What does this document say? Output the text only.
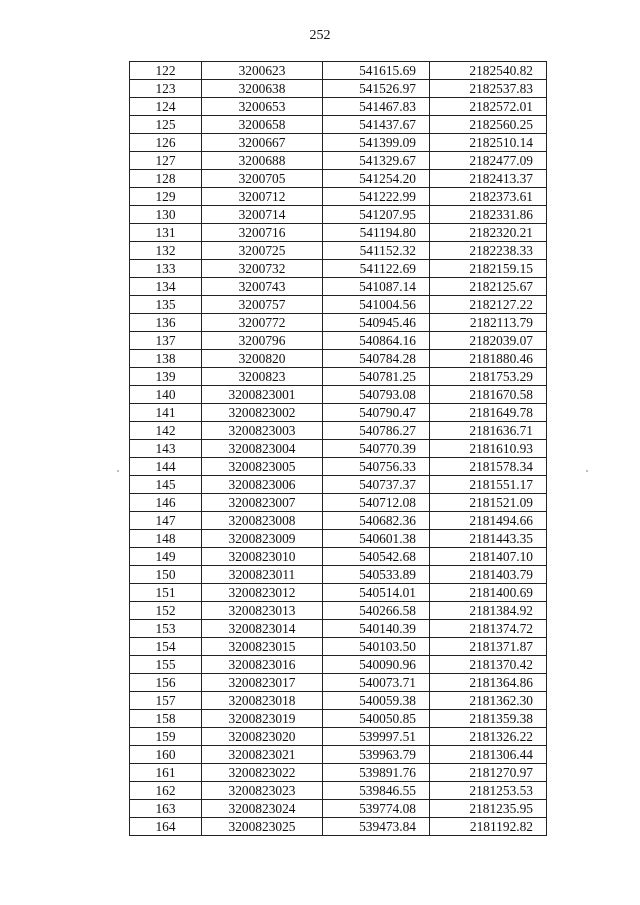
252
122	3200623	541615.69	2182540.82
123	3200638	541526.97	2182537.83
124	3200653	541467.83	2182572.01
125	3200658	541437.67	2182560.25
126	3200667	541399.09	2182510.14
127	3200688	541329.67	2182477.09
128	3200705	541254.20	2182413.37
129	3200712	541222.99	2182373.61
130	3200714	541207.95	2182331.86
131	3200716	541194.80	2182320.21
132	3200725	541152.32	2182238.33
133	3200732	541122.69	2182159.15
134	3200743	541087.14	2182125.67
135	3200757	541004.56	2182127.22
136	3200772	540945.46	2182113.79
137	3200796	540864.16	2182039.07
138	3200820	540784.28	2181880.46
139	3200823	540781.25	2181753.29
140	3200823001	540793.08	2181670.58
141	3200823002	540790.47	2181649.78
142	3200823003	540786.27	2181636.71
143	3200823004	540770.39	2181610.93
144	3200823005	540756.33	2181578.34
145	3200823006	540737.37	2181551.17
146	3200823007	540712.08	2181521.09
147	3200823008	540682.36	2181494.66
148	3200823009	540601.38	2181443.35
149	3200823010	540542.68	2181407.10
150	3200823011	540533.89	2181403.79
151	3200823012	540514.01	2181400.69
152	3200823013	540266.58	2181384.92
153	3200823014	540140.39	2181374.72
154	3200823015	540103.50	2181371.87
155	3200823016	540090.96	2181370.42
156	3200823017	540073.71	2181364.86
157	3200823018	540059.38	2181362.30
158	3200823019	540050.85	2181359.38
159	3200823020	539997.51	2181326.22
160	3200823021	539963.79	2181306.44
161	3200823022	539891.76	2181270.97
162	3200823023	539846.55	2181253.53
163	3200823024	539774.08	2181235.95
164	3200823025	539473.84	2181192.82
